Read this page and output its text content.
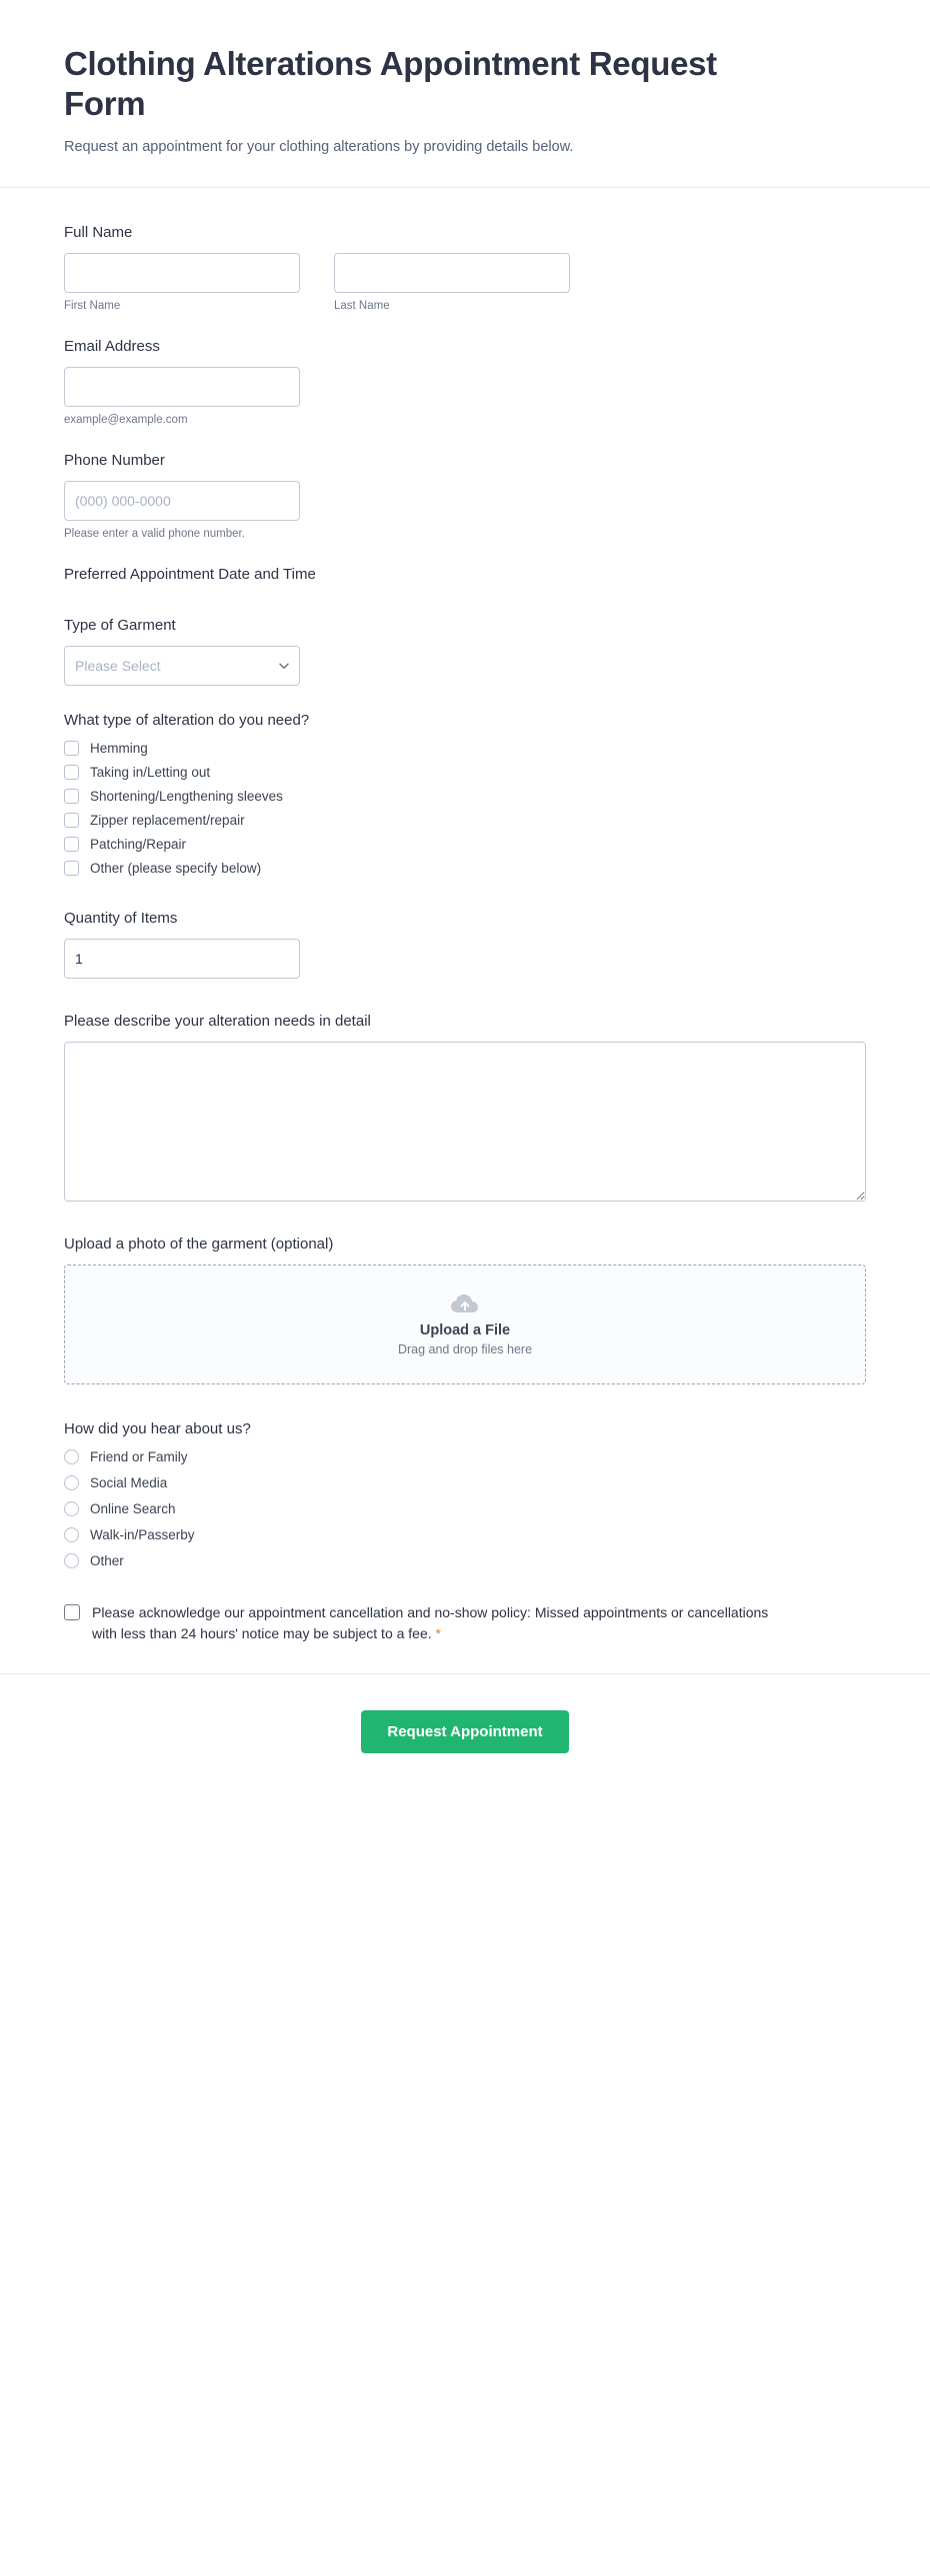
Clothing Alterations Appointment Request Form

Request an appointment for your clothing alterations by providing details below.

Full Name
First Name	Last Name
Email Address
example@example.com
Phone Number
(000) 000-0000
Please enter a valid phone number.
Preferred Appointment Date and Time
Type of Garment
Please Select
What type of alteration do you need?
Hemming
Taking in/Letting out
Shortening/Lengthening sleeves
Zipper replacement/repair
Patching/Repair
Other (please specify below)
Quantity of Items
1
Please describe your alteration needs in detail
Upload a photo of the garment (optional)
Upload a File
Drag and drop files here
How did you hear about us?
Friend or Family
Social Media
Online Search
Walk-in/Passerby
Other
Please acknowledge our appointment cancellation and no-show policy: Missed appointments or cancellations with less than 24 hours' notice may be subject to a fee. *
Request Appointment
